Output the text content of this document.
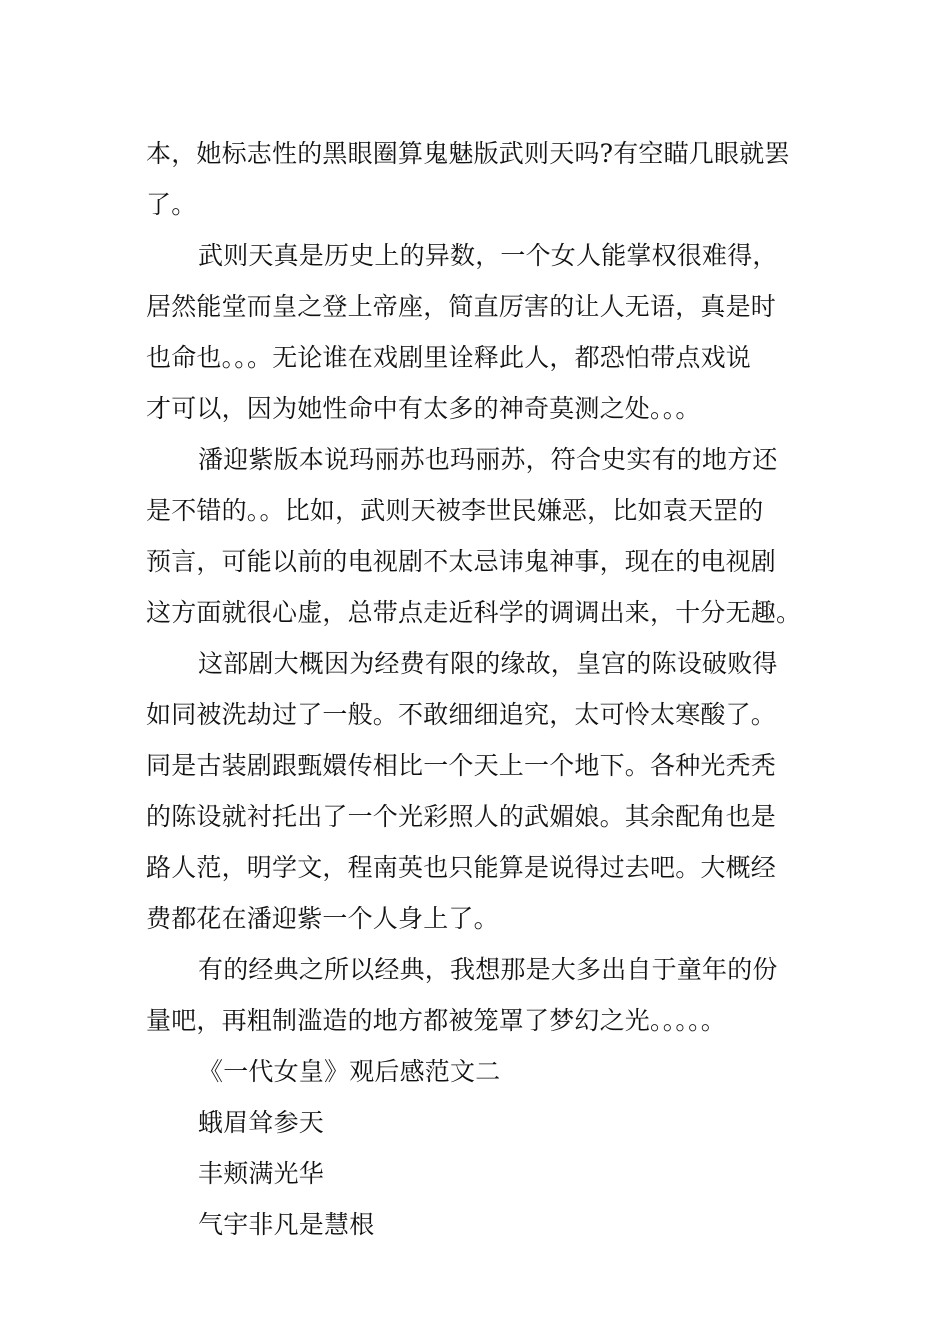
本，她标志性的黑眼圈算鬼魅版武则天吗?有空瞄几眼就罢
了。
武则天真是历史上的异数，一个女人能掌权很难得，
居然能堂而皇之登上帝座，简直厉害的让人无语，真是时
也命也。。。无论谁在戏剧里诠释此人，都恐怕带点戏说
才可以，因为她性命中有太多的神奇莫测之处。。。
潘迎紫版本说玛丽苏也玛丽苏，符合史实有的地方还
是不错的。。比如，武则天被李世民嫌恶，比如袁天罡的
预言，可能以前的电视剧不太忌讳鬼神事，现在的电视剧
这方面就很心虚，总带点走近科学的调调出来，十分无趣。
这部剧大概因为经费有限的缘故，皇宫的陈设破败得
如同被洗劫过了一般。不敢细细追究，太可怜太寒酸了。
同是古装剧跟甄嬛传相比一个天上一个地下。各种光秃秃
的陈设就衬托出了一个光彩照人的武媚娘。其余配角也是
路人范，明学文，程南英也只能算是说得过去吧。大概经
费都花在潘迎紫一个人身上了。
有的经典之所以经典，我想那是大多出自于童年的份
量吧，再粗制滥造的地方都被笼罩了梦幻之光。。。。。
《一代女皇》观后感范文二
蛾眉耸参天
丰颊满光华
气宇非凡是慧根
